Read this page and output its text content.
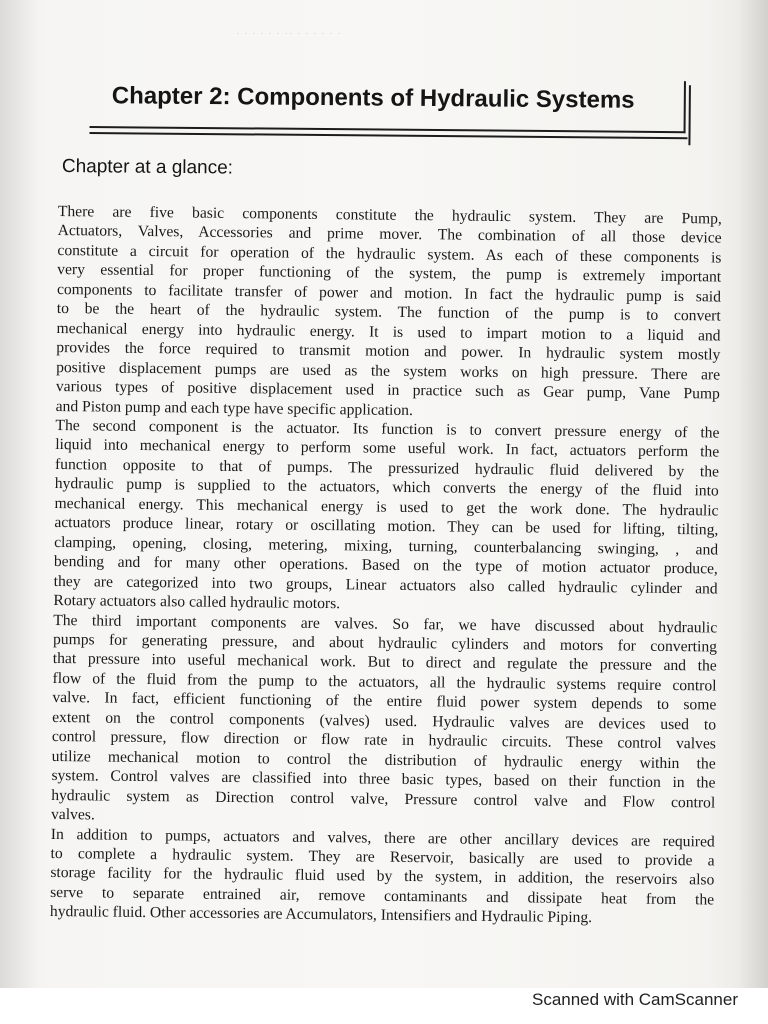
· · · · · · ·· · · · · · ·
Chapter 2: Components of Hydraulic Systems
Chapter at a glance:
There are five basic components constitute the hydraulic system. They are Pump,
Actuators, Valves, Accessories and prime mover. The combination of all those device
constitute a circuit for operation of the hydraulic system. As each of these components is
very essential for proper functioning of the system, the pump is extremely important
components to facilitate transfer of power and motion. In fact the hydraulic pump is said
to be the heart of the hydraulic system. The function of the pump is to convert
mechanical energy into hydraulic energy. It is used to impart motion to a liquid and
provides the force required to transmit motion and power. In hydraulic system mostly
positive displacement pumps are used as the system works on high pressure. There are
various types of positive displacement used in practice such as Gear pump, Vane Pump
and Piston pump and each type have specific application.
The second component is the actuator. Its function is to convert pressure energy of the
liquid into mechanical energy to perform some useful work. In fact, actuators perform the
function opposite to that of pumps. The pressurized hydraulic fluid delivered by the
hydraulic pump is supplied to the actuators, which converts the energy of the fluid into
mechanical energy. This mechanical energy is used to get the work done. The hydraulic
actuators produce linear, rotary or oscillating motion. They can be used for lifting, tilting,
clamping, opening, closing, metering, mixing, turning, counterbalancing swinging, , and
bending and for many other operations. Based on the type of motion actuator produce,
they are categorized into two groups, Linear actuators also called hydraulic cylinder and
Rotary actuators also called hydraulic motors.
The third important components are valves. So far, we have discussed about hydraulic
pumps for generating pressure, and about hydraulic cylinders and motors for converting
that pressure into useful mechanical work. But to direct and regulate the pressure and the
flow of the fluid from the pump to the actuators, all the hydraulic systems require control
valve. In fact, efficient functioning of the entire fluid power system depends to some
extent on the control components (valves) used. Hydraulic valves are devices used to
control pressure, flow direction or flow rate in hydraulic circuits. These control valves
utilize mechanical motion to control the distribution of hydraulic energy within the
system. Control valves are classified into three basic types, based on their function in the
hydraulic system as Direction control valve, Pressure control valve and Flow control
valves.
In addition to pumps, actuators and valves, there are other ancillary devices are required
to complete a hydraulic system. They are Reservoir, basically are used to provide a
storage facility for the hydraulic fluid used by the system, in addition, the reservoirs also
serve to separate entrained air, remove contaminants and dissipate heat from the
hydraulic fluid. Other accessories are Accumulators, Intensifiers and Hydraulic Piping.

Scanned with CamScanner
